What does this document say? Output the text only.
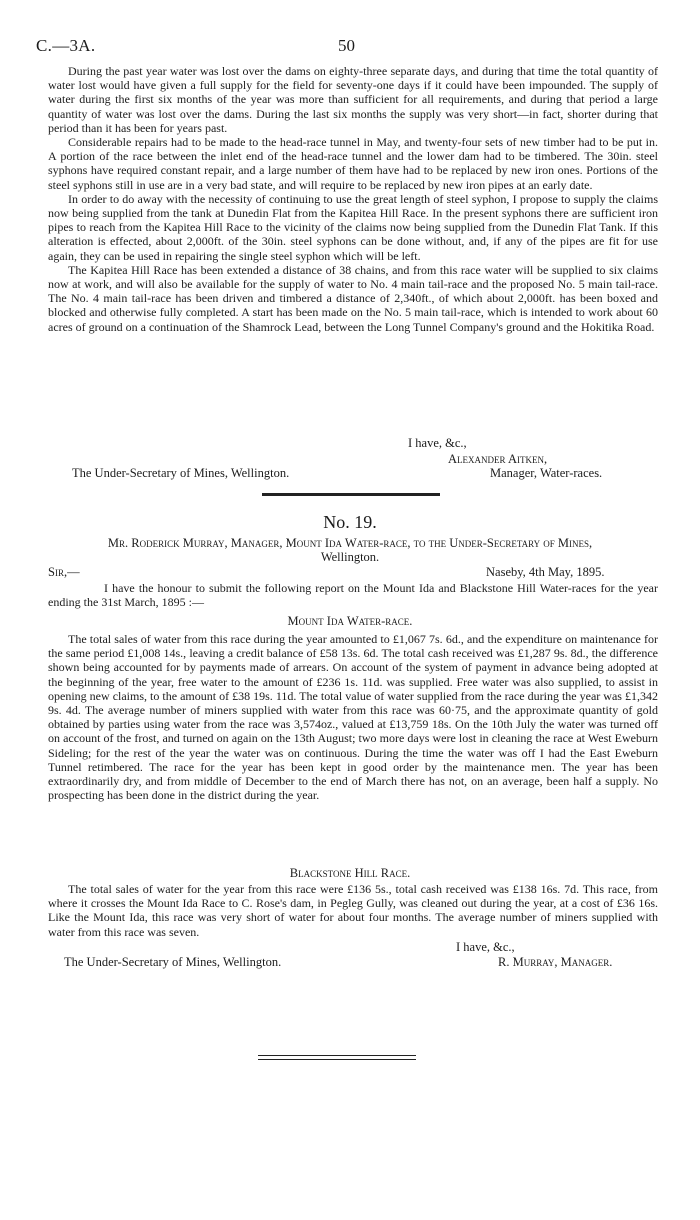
C.—3A.	50

During the past year water was lost over the dams on eighty-three separate days, and during that time the total quantity of water lost would have given a full supply for the field for seventy-one days if it could have been impounded. The supply of water during the first six months of the year was more than sufficient for all requirements, and during that period a large quantity of water was lost over the dams. During the last six months the supply was very short—in fact, shorter during that period than it has been for years past.

Considerable repairs had to be made to the head-race tunnel in May, and twenty-four sets of new timber had to be put in. A portion of the race between the inlet end of the head-race tunnel and the lower dam had to be timbered. The 30in. steel syphons have required constant repair, and a large number of them have had to be replaced by new iron ones. Portions of the steel syphons still in use are in a very bad state, and will require to be replaced by new iron pipes at an early date.

In order to do away with the necessity of continuing to use the great length of steel syphon, I propose to supply the claims now being supplied from the tank at Dunedin Flat from the Kapitea Hill Race. In the present syphons there are sufficient iron pipes to reach from the Kapitea Hill Race to the vicinity of the claims now being supplied from the Dunedin Flat Tank. If this alteration is effected, about 2,000ft. of the 30in. steel syphons can be done without, and, if any of the pipes are fit for use again, they can be used in repairing the single steel syphon which will be left.

The Kapitea Hill Race has been extended a distance of 38 chains, and from this race water will be supplied to six claims now at work, and will also be available for the supply of water to No. 4 main tail-race and the proposed No. 5 main tail-race. The No. 4 main tail-race has been driven and timbered a distance of 2,340ft., of which about 2,000ft. has been boxed and blocked and otherwise fully completed. A start has been made on the No. 5 main tail-race, which is intended to work about 60 acres of ground on a continuation of the Shamrock Lead, between the Long Tunnel Company's ground and the Hokitika Road.

I have, &c.,
Alexander Aitken,
The Under-Secretary of Mines, Wellington.	Manager, Water-races.
No. 19.
Mr. Roderick Murray, Manager, Mount Ida Water-race, to the Under-Secretary of Mines,
Wellington.
Sir,—	Naseby, 4th May, 1895.

I have the honour to submit the following report on the Mount Ida and Blackstone Hill Water-races for the year ending the 31st March, 1895 :—

Mount Ida Water-race.

The total sales of water from this race during the year amounted to £1,067 7s. 6d., and the expenditure on maintenance for the same period £1,008 14s., leaving a credit balance of £58 13s. 6d. The total cash received was £1,287 9s. 8d., the difference shown being accounted for by payments made of arrears. On account of the system of payment in advance being adopted at the beginning of the year, free water to the amount of £236 1s. 11d. was supplied. Free water was also supplied, to assist in opening new claims, to the amount of £38 19s. 11d. The total value of water supplied from the race during the year was £1,342 9s. 4d. The average number of miners supplied with water from this race was 60·75, and the approximate quantity of gold obtained by parties using water from the race was 3,574oz., valued at £13,759 18s. On the 10th July the water was turned off on account of the frost, and turned on again on the 13th August; two more days were lost in cleaning the race at West Eweburn Sideling; for the rest of the year the water was on continuous. During the time the water was off I had the East Eweburn Tunnel retimbered. The race for the year has been kept in good order by the maintenance men. The year has been extraordinarily dry, and from middle of December to the end of March there has not, on an average, been half a supply. No prospecting has been done in the district during the year.

Blackstone Hill Race.

The total sales of water for the year from this race were £136 5s., total cash received was £138 16s. 7d. This race, from where it crosses the Mount Ida Race to C. Rose's dam, in Pegleg Gully, was cleaned out during the year, at a cost of £36 16s. Like the Mount Ida, this race was very short of water for about four months. The average number of miners supplied with water from this race was seven.

I have, &c.,
The Under-Secretary of Mines, Wellington.	R. Murray, Manager.
